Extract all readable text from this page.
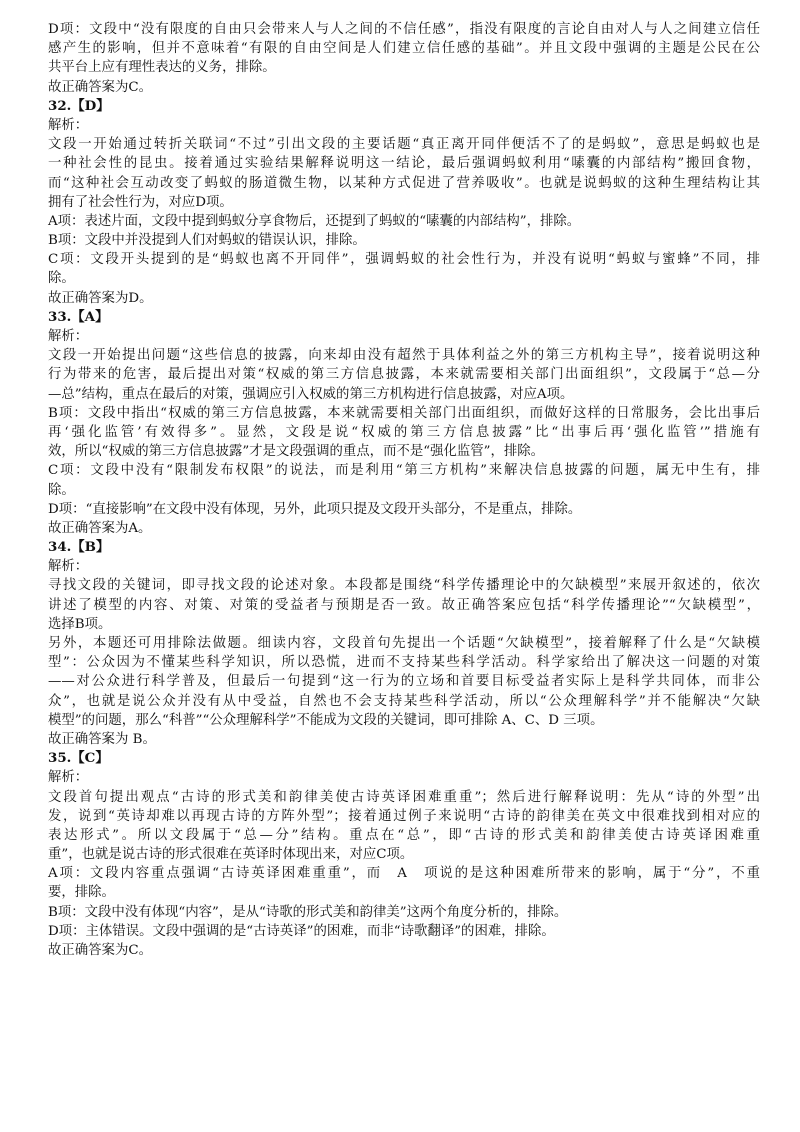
D项：文段中“没有限度的自由只会带来人与人之间的不信任感”，指没有限度的言论自由对人与人之间建立信任
感产生的影响，但并不意味着“有限的自由空间是人们建立信任感的基础”。并且文段中强调的主题是公民在公
共平台上应有理性表达的义务，排除。
故正确答案为C。
32.【D】
解析：
文段一开始通过转折关联词“不过”引出文段的主要话题“真正离开同伴便活不了的是蚂蚁”，意思是蚂蚁也是
一种社会性的昆虫。接着通过实验结果解释说明这一结论，最后强调蚂蚁利用“嗉囊的内部结构”搬回食物，
而“这种社会互动改变了蚂蚁的肠道微生物，以某种方式促进了营养吸收”。也就是说蚂蚁的这种生理结构让其
拥有了社会性行为，对应D项。
A项：表述片面，文段中提到蚂蚁分享食物后，还提到了蚂蚁的“嗉囊的内部结构”，排除。
B项：文段中并没提到人们对蚂蚁的错误认识，排除。
C项：文段开头提到的是“蚂蚁也离不开同伴”，强调蚂蚁的社会性行为，并没有说明“蚂蚁与蜜蜂”不同，排
除。
故正确答案为D。
33.【A】
解析：
文段一开始提出问题“这些信息的披露，向来却由没有超然于具体利益之外的第三方机构主导”，接着说明这种
行为带来的危害，最后提出对策“权威的第三方信息披露，本来就需要相关部门出面组织”，文段属于“总—分
—总”结构，重点在最后的对策，强调应引入权威的第三方机构进行信息披露，对应A项。
B项：文段中指出“权威的第三方信息披露，本来就需要相关部门出面组织，而做好这样的日常服务，会比出事后
再‘强化监管’有效得多”。显然，文段是说“权威的第三方信息披露”比“出事后再‘强化监管’”措施有
效，所以“权威的第三方信息披露”才是文段强调的重点，而不是“强化监管”，排除。
C项：文段中没有“限制发布权限”的说法，而是利用“第三方机构”来解决信息披露的问题，属无中生有，排
除。
D项：“直接影响”在文段中没有体现，另外，此项只提及文段开头部分，不是重点，排除。
故正确答案为A。
34.【B】
解析：
寻找文段的关键词，即寻找文段的论述对象。本段都是围绕“科学传播理论中的欠缺模型”来展开叙述的，依次
讲述了模型的内容、对策、对策的受益者与预期是否一致。故正确答案应包括“科学传播理论”“欠缺模型”，
选择B项。
另外，本题还可用排除法做题。细读内容，文段首句先提出一个话题“欠缺模型”，接着解释了什么是“欠缺模
型”：公众因为不懂某些科学知识，所以恐慌，进而不支持某些科学活动。科学家给出了解决这一问题的对策
——对公众进行科学普及，但最后一句提到“这一行为的立场和首要目标受益者实际上是科学共同体，而非公
众”，也就是说公众并没有从中受益，自然也不会支持某些科学活动，所以“公众理解科学”并不能解决“欠缺
模型”的问题，那么“科普”“公众理解科学”不能成为文段的关键词，即可排除 A、C、D 三项。
故正确答案为 B。
35.【C】
解析：
文段首句提出观点“古诗的形式美和韵律美使古诗英译困难重重”；然后进行解释说明：先从“诗的外型”出
发，说到“英诗却难以再现古诗的方阵外型”；接着通过例子来说明“古诗的韵律美在英文中很难找到相对应的
表达形式”。所以文段属于“总—分”结构。重点在“总”，即“古诗的形式美和韵律美使古诗英译困难重
重”，也就是说古诗的形式很难在英译时体现出来，对应C项。
A项：文段内容重点强调“古诗英译困难重重”，而　A　项说的是这种困难所带来的影响，属于“分”，不重
要，排除。
B项：文段中没有体现“内容”，是从“诗歌的形式美和韵律美”这两个角度分析的，排除。
D项：主体错误。文段中强调的是“古诗英译”的困难，而非“诗歌翻译”的困难，排除。
故正确答案为C。
